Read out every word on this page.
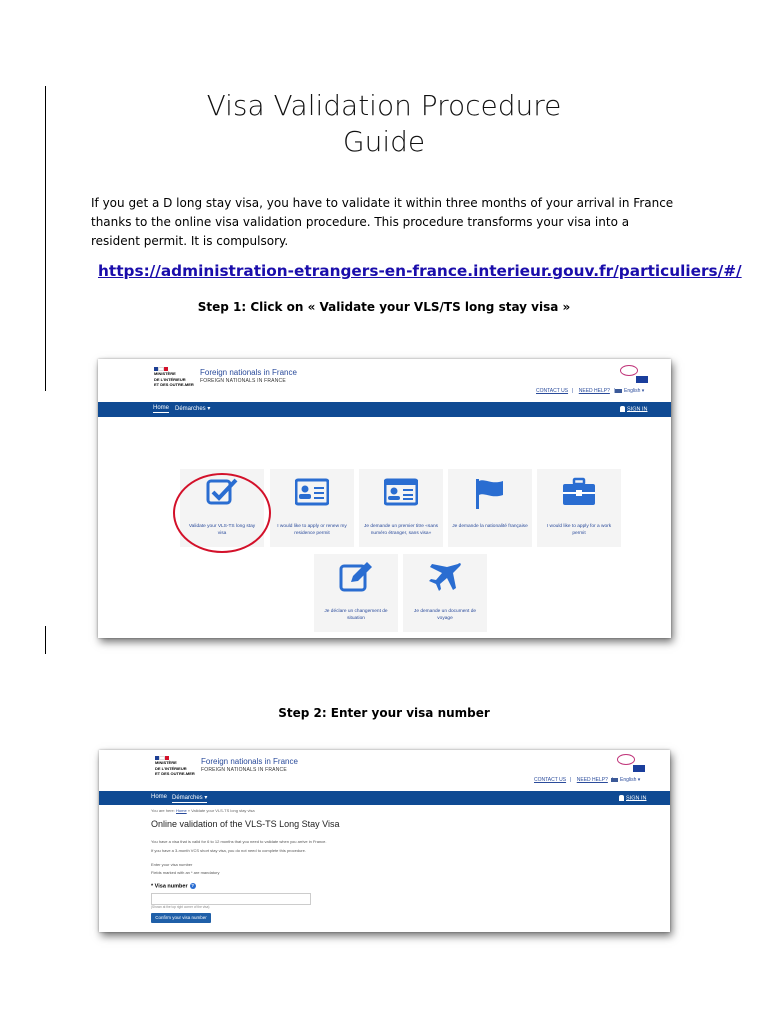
Visa Validation Procedure
Guide
If you get a D long stay visa, you have to validate it within three months of your arrival in France thanks to the online visa validation procedure. This procedure transforms your visa into a resident permit. It is compulsory.
https://administration-etrangers-en-france.interieur.gouv.fr/particuliers/#/
Step 1: Click on « Validate your VLS/TS long stay visa »
MINISTÈRE
DE L'INTÉRIEUR
ET DES OUTRE-MER
Foreign nationals in France
FOREIGN NATIONALS IN FRANCE
CONTACT US | NEED HELP?	English ▾
Home Démarches ▾	SIGN IN
Validate your VLS-TS long stay visa
I would like to apply or renew my residence permit
Je demande un premier titre «sans numéro étranger, sans visa»
Je demande la nationalité française	I would like to apply for a work permit
Je déclare un changement de situation
Je demande un document de voyage
Step 2: Enter your visa number
MINISTÈRE
DE L'INTÉRIEUR
ET DES OUTRE-MER
Foreign nationals in France
FOREIGN NATIONALS IN FRANCE
CONTACT US | NEED HELP?	English ▾
Home Démarches ▾	SIGN IN
You are here: Home » Validate your VLS-TS long stay visa
Online validation of the VLS-TS Long Stay Visa
You have a visa that is valid for 6 to 12 months that you need to validate when you arrive in France.
If you have a 3-month VCS short stay visa, you do not need to complete this procedure.
Enter your visa number
Fields marked with an * are mandatory
* Visa number ?
(Shown at the top right corner of the visa)
Confirm your visa number
